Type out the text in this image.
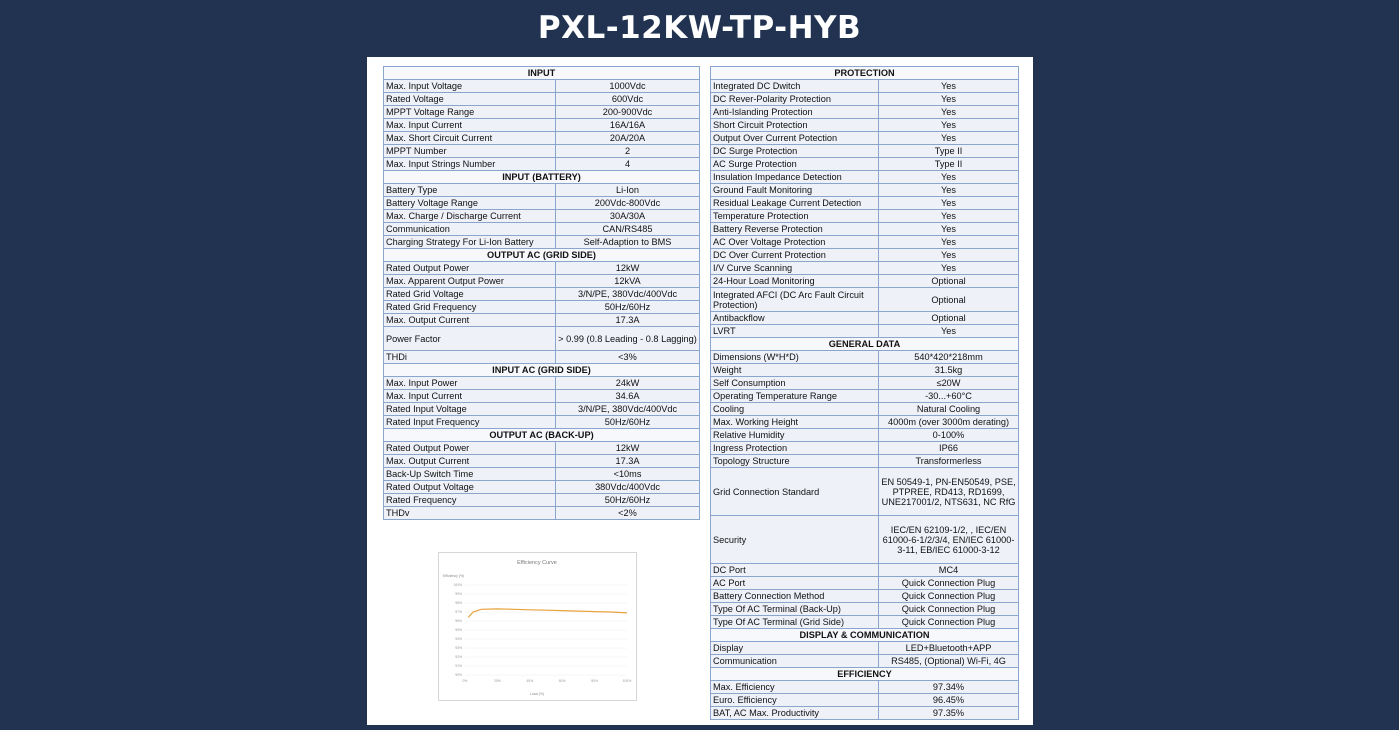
PXL-12KW-TP-HYB
INPUT	
Max. Input Voltage	1000Vdc
Rated Voltage	600Vdc
MPPT Voltage Range	200-900Vdc
Max. Input Current	16A/16A
Max. Short Circuit Current	20A/20A
MPPT Number	2
Max. Input Strings Number	4
INPUT (BATTERY)	
Battery Type	Li-Ion
Battery Voltage Range	200Vdc-800Vdc
Max. Charge / Discharge Current	30A/30A
Communication	CAN/RS485
Charging Strategy For Li-Ion Battery	Self-Adaption to BMS
OUTPUT AC (GRID SIDE)	
Rated Output Power	12kW
Max. Apparent Output Power	12kVA
Rated Grid Voltage	3/N/PE, 380Vdc/400Vdc
Rated Grid Frequency	50Hz/60Hz
Max. Output Current	17.3A
Power Factor	> 0.99 (0.8 Leading - 0.8 Lagging)
THDi	<3%
INPUT AC (GRID SIDE)	
Max. Input Power	24kW
Max. Input Current	34.6A
Rated Input Voltage	3/N/PE, 380Vdc/400Vdc
Rated Input Frequency	50Hz/60Hz
OUTPUT AC (BACK-UP)	
Rated Output Power	12kW
Max. Output Current	17.3A
Back-Up Switch Time	<10ms
Rated Output Voltage	380Vdc/400Vdc
Rated Frequency	50Hz/60Hz
THDv	<2%
PROTECTION	
Integrated DC Dwitch	Yes
DC Rever-Polarity Protection	Yes
Anti-Islanding Protection	Yes
Short Circuit Protection	Yes
Output Over Current Potection	Yes
DC Surge Protection	Type II
AC Surge Protection	Type II
Insulation Impedance Detection	Yes
Ground Fault Monitoring	Yes
Residual Leakage Current Detection	Yes
Temperature Protection	Yes
Battery Reverse Protection	Yes
AC Over Voltage Protection	Yes
DC Over Current Protection	Yes
I/V Curve Scanning	Yes
24-Hour Load Monitoring	Optional
Integrated AFCI (DC Arc Fault Circuit Protection)	Optional
Antibackflow	Optional
LVRT	Yes
GENERAL DATA	
Dimensions (W*H*D)	540*420*218mm
Weight	31.5kg
Self Consumption	≤20W
Operating Temperature Range	-30...+60°C
Cooling	Natural Cooling
Max. Working Height	4000m (over 3000m derating)
Relative Humidity	0-100%
Ingress Protection	IP66
Topology Structure	Transformerless
Grid Connection Standard	EN 50549-1, PN-EN50549, PSE, PTPREE, RD413, RD1699, UNE217001/2, NTS631, NC RfG
Security	IEC/EN 62109-1/2, , IEC/EN 61000-6-1/2/3/4, EN/IEC 61000-3-11, EB/IEC 61000-3-12
DC Port	MC4
AC Port	Quick Connection Plug
Battery Connection Method	Quick Connection Plug
Type Of AC Terminal (Back-Up)	Quick Connection Plug
Type Of AC Terminal (Grid Side)	Quick Connection Plug
DISPLAY & COMMUNICATION	
Display	LED+Bluetooth+APP
Communication	RS485, (Optional) Wi-Fi, 4G
EFFICIENCY	
Max. Efficiency	97.34%
Euro. Efficiency	96.45%
BAT, AC Max. Productivity	97.35%
Efficiency Curve
Efficiency (%)
Load (%)
90%
91%
92%
93%
94%
95%
96%
97%
98%
99%
100%
0%	20%	40%	60%	80%	100%
